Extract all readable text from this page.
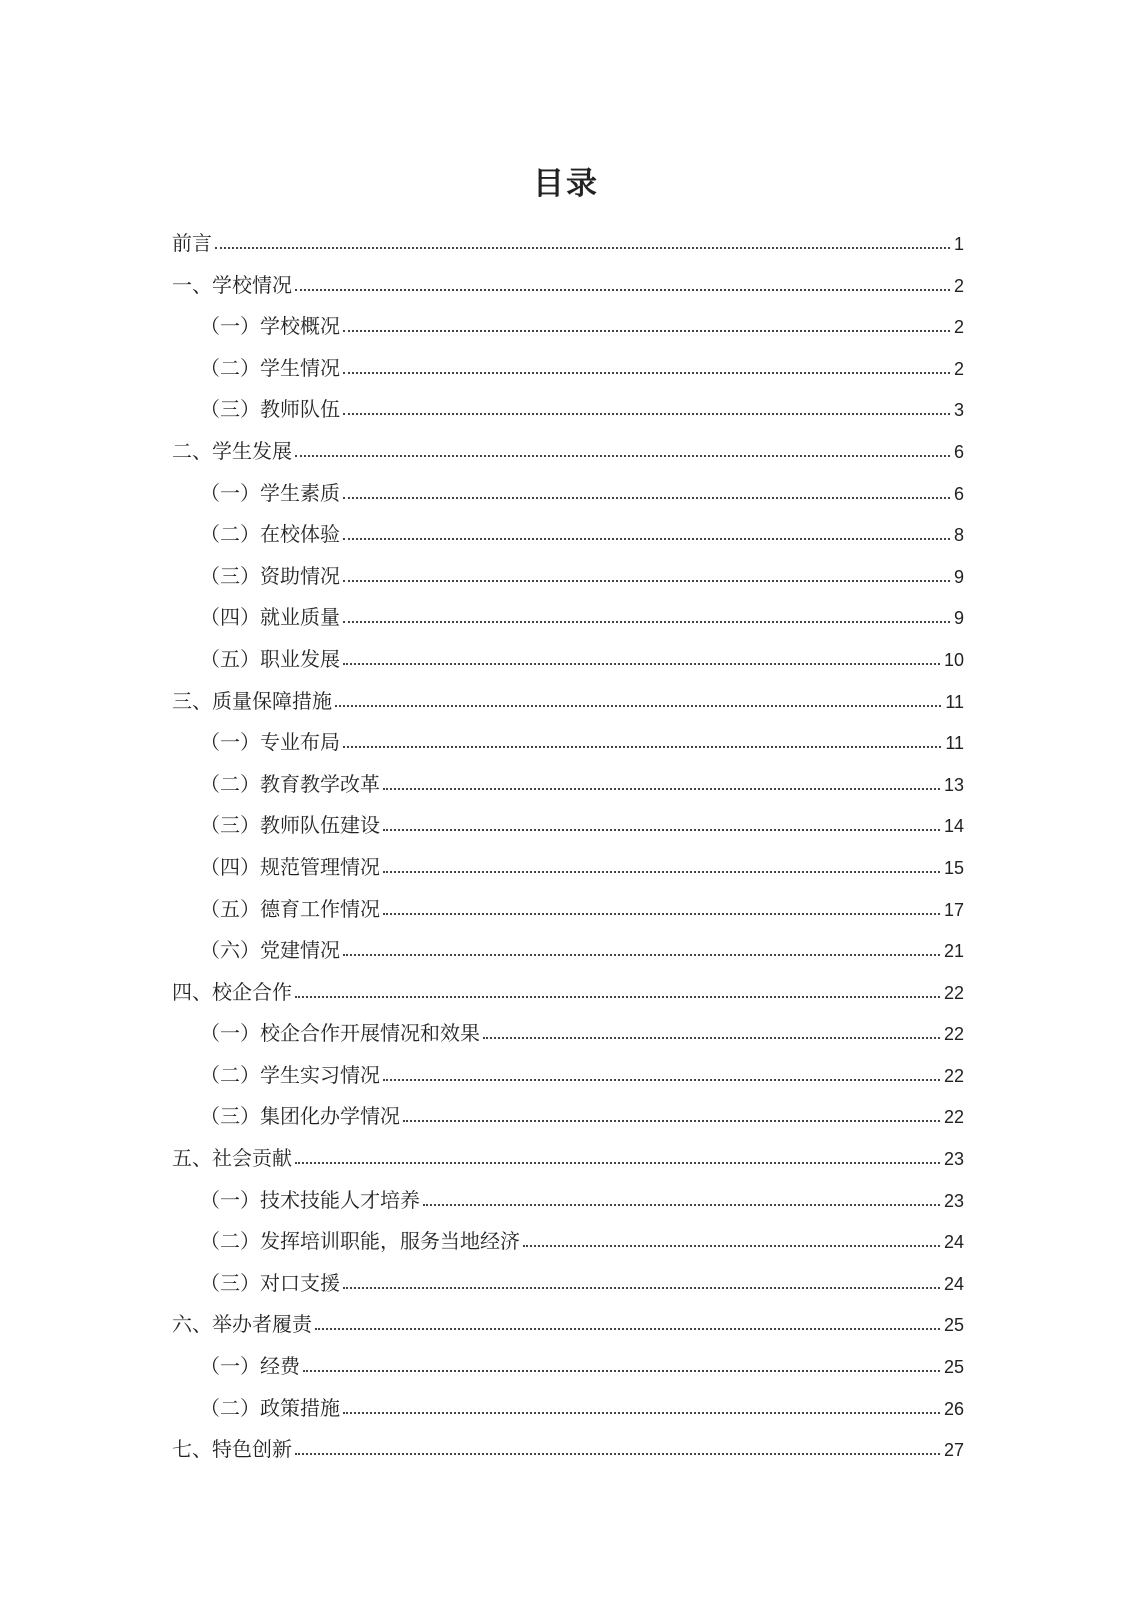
目录
前言	1
一、学校情况	2
（一）学校概况	2
（二）学生情况	2
（三）教师队伍	3
二、学生发展	6
（一）学生素质	6
（二）在校体验	8
（三）资助情况	9
（四）就业质量	9
（五）职业发展	10
三、质量保障措施	11
（一）专业布局	11
（二）教育教学改革	13
（三）教师队伍建设	14
（四）规范管理情况	15
（五）德育工作情况	17
（六）党建情况	21
四、校企合作	22
（一）校企合作开展情况和效果	22
（二）学生实习情况	22
（三）集团化办学情况	22
五、社会贡献	23
（一）技术技能人才培养	23
（二）发挥培训职能，服务当地经济	24
（三）对口支援	24
六、举办者履责	25
（一）经费	25
（二）政策措施	26
七、特色创新	27
